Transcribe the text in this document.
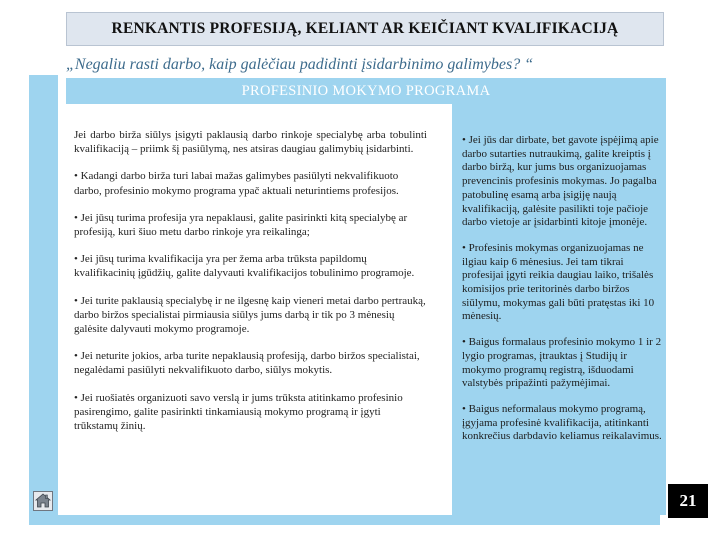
RENKANTIS PROFESIJĄ, KELIANT AR KEIČIANT KVALIFIKACIJĄ
„Negaliu rasti darbo, kaip galėčiau padidinti įsidarbinimo galimybes? “
PROFESINIO MOKYMO PROGRAMA

Jei darbo birža siūlys įsigyti paklausią darbo rinkoje specialybę arba tobulinti kvalifikaciją – priimk šį pasiūlymą, nes atsiras daugiau galimybių įsidarbinti.

• Kadangi darbo birža turi labai mažas galimybes pasiūlyti nekvalifikuoto darbo, profesinio mokymo programa ypač aktuali neturintiems profesijos.

• Jei jūsų turima profesija yra nepaklausi, galite pasirinkti kitą specialybę ar profesiją, kuri šiuo metu darbo rinkoje yra reikalinga;

• Jei jūsų turima kvalifikacija yra per žema arba trūksta papildomų kvalifikacinių įgūdžių, galite dalyvauti kvalifikacijos tobulinimo programoje.

• Jei turite paklausią specialybę ir ne ilgesnę kaip vieneri metai darbo pertrauką, darbo biržos specialistai pirmiausia siūlys jums darbą ir tik po 3 mėnesių galėsite dalyvauti mokymo programoje.

• Jei neturite jokios, arba turite nepaklausią profesiją, darbo biržos specialistai, negalėdami pasiūlyti nekvalifikuoto darbo, siūlys mokytis.

• Jei ruošiatės organizuoti savo verslą ir jums trūksta atitinkamo profesinio pasirengimo, galite pasirinkti tinkamiausią mokymo programą ir įgyti trūkstamų žinių.

• Jei jūs dar dirbate, bet gavote įspėjimą apie darbo sutarties nutraukimą, galite kreiptis į darbo biržą, kur jums bus organizuojamas prevencinis profesinis mokymas. Jo pagalba patobulinę esamą arba įsigiję naują kvalifikaciją, galėsite pasilikti toje pačioje darbo vietoje ar įsidarbinti kitoje įmonėje.

• Profesinis mokymas organizuojamas ne ilgiau kaip 6 mėnesius. Jei tam tikrai profesijai įgyti reikia daugiau laiko, trišalės komisijos prie teritorinės darbo biržos siūlymu, mokymas gali būti pratęstas iki 10 mėnesių.

• Baigus formalaus profesinio mokymo 1 ir 2 lygio programas, įtrauktas į Studijų ir mokymo programų registrą, išduodami valstybės pripažinti pažymėjimai.

• Baigus neformalaus mokymo programą, įgyjama profesinė kvalifikacija, atitinkanti konkrečius darbdavio keliamus reikalavimus.

21
